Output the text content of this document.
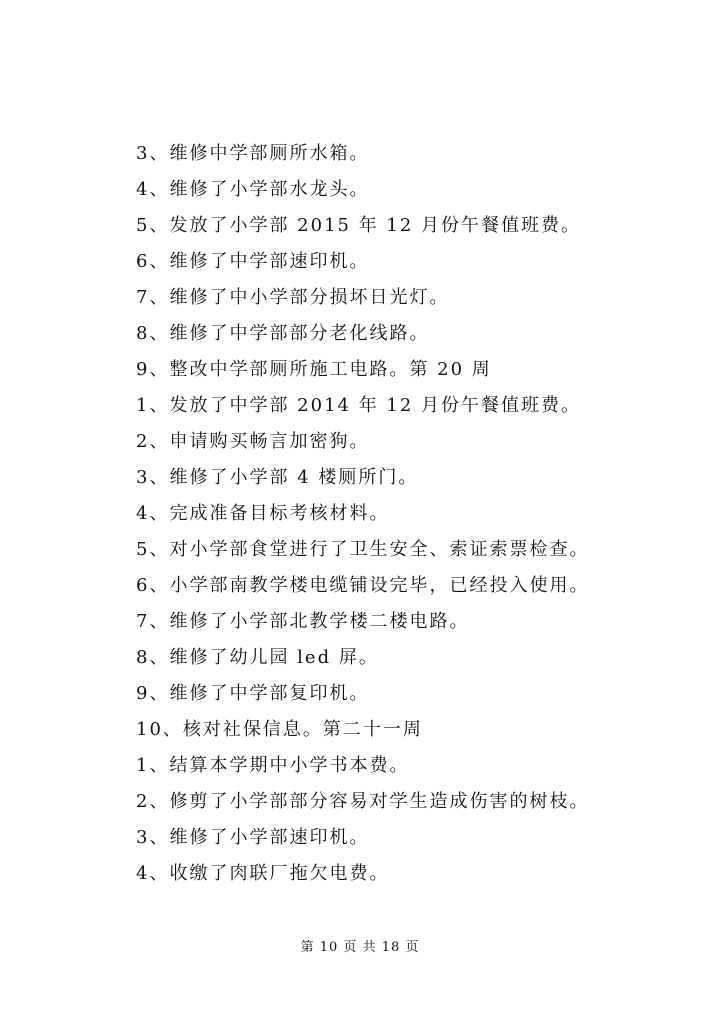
3、维修中学部厕所水箱。
4、维修了小学部水龙头。
5、发放了小学部 2015 年 12 月份午餐值班费。
6、维修了中学部速印机。
7、维修了中小学部分损坏日光灯。
8、维修了中学部部分老化线路。
9、整改中学部厕所施工电路。第 20 周
1、发放了中学部 2014 年 12 月份午餐值班费。
2、申请购买畅言加密狗。
3、维修了小学部 4 楼厕所门。
4、完成准备目标考核材料。
5、对小学部食堂进行了卫生安全、索证索票检查。
6、小学部南教学楼电缆铺设完毕，已经投入使用。
7、维修了小学部北教学楼二楼电路。
8、维修了幼儿园 led 屏。
9、维修了中学部复印机。
10、核对社保信息。第二十一周
1、结算本学期中小学书本费。
2、修剪了小学部部分容易对学生造成伤害的树枝。
3、维修了小学部速印机。
4、收缴了肉联厂拖欠电费。
第 10 页 共 18 页
